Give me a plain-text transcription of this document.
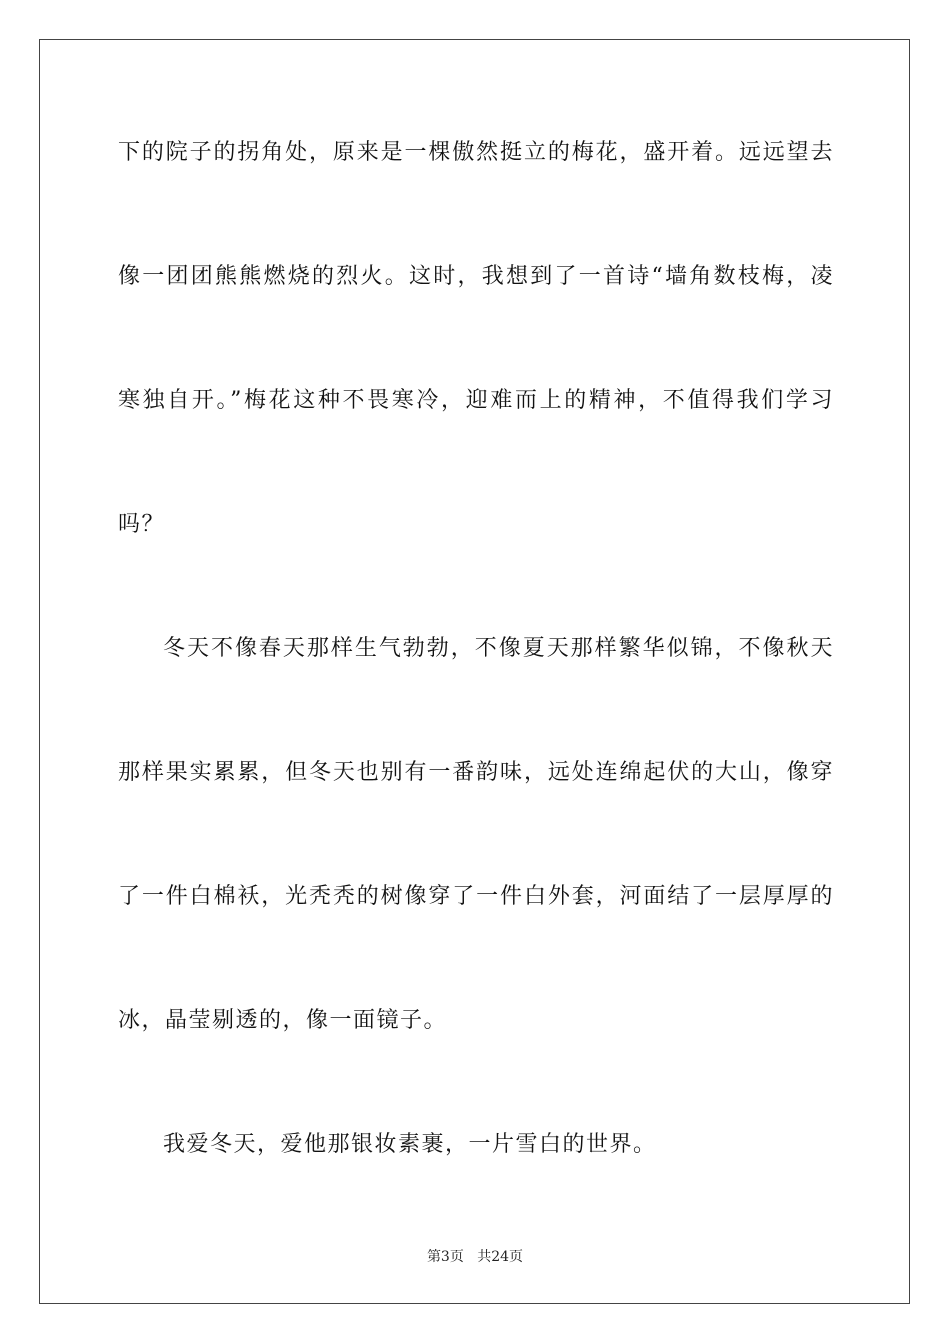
下的院子的拐角处，原来是一棵傲然挺立的梅花，盛开着。远远望去
像一团团熊熊燃烧的烈火。这时，我想到了一首诗“墙角数枝梅，凌
寒独自开。”梅花这种不畏寒冷，迎难而上的精神，不值得我们学习
吗？
冬天不像春天那样生气勃勃，不像夏天那样繁华似锦，不像秋天
那样果实累累，但冬天也别有一番韵味，远处连绵起伏的大山，像穿
了一件白棉袄，光秃秃的树像穿了一件白外套，河面结了一层厚厚的
冰，晶莹剔透的，像一面镜子。
我爱冬天，爱他那银妆素裹，一片雪白的世界。
第3页 共24页
